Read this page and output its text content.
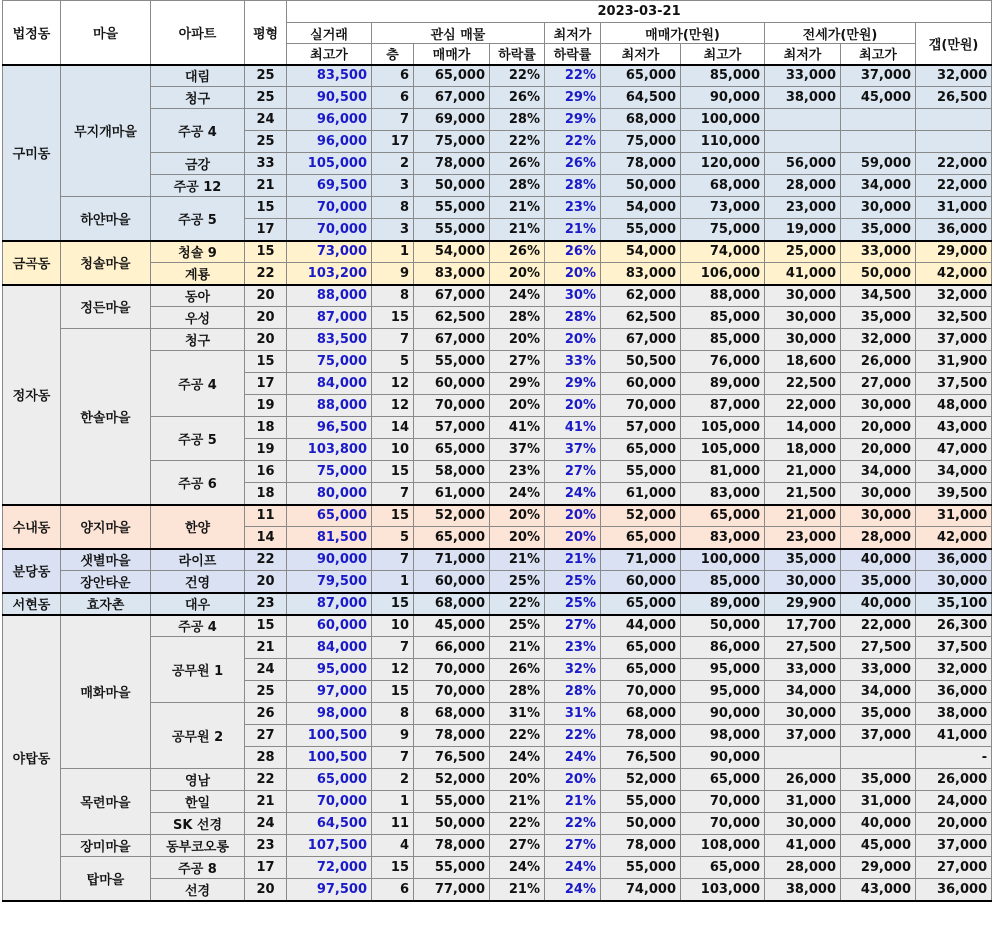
법정동	마을	아파트	평형	2023-03-21									
				실거래	관심 매물			최저가	매매가(만원)		전세가(만원)		갭(만원)
				최고가	층	매매가	하락률	하락률	최저가	최고가	최저가	최고가	
구미동	무지개마을	대림	25	83,500	6	65,000	22%	22%	65,000	85,000	33,000	37,000	32,000
		청구	25	90,500	6	67,000	26%	29%	64,500	90,000	38,000	45,000	26,500
		주공 4	24	96,000	7	69,000	28%	29%	68,000	100,000			
			25	96,000	17	75,000	22%	22%	75,000	110,000			
		금강	33	105,000	2	78,000	26%	26%	78,000	120,000	56,000	59,000	22,000
		주공 12	21	69,500	3	50,000	28%	28%	50,000	68,000	28,000	34,000	22,000
	하얀마을	주공 5	15	70,000	8	55,000	21%	23%	54,000	73,000	23,000	30,000	31,000
			17	70,000	3	55,000	21%	21%	55,000	75,000	19,000	35,000	36,000
금곡동	청솔마을	청솔 9	15	73,000	1	54,000	26%	26%	54,000	74,000	25,000	33,000	29,000
		계룡	22	103,200	9	83,000	20%	20%	83,000	106,000	41,000	50,000	42,000
정자동	정든마을	동아	20	88,000	8	67,000	24%	30%	62,000	88,000	30,000	34,500	32,000
		우성	20	87,000	15	62,500	28%	28%	62,500	85,000	30,000	35,000	32,500
	한솔마을	청구	20	83,500	7	67,000	20%	20%	67,000	85,000	30,000	32,000	37,000
		주공 4	15	75,000	5	55,000	27%	33%	50,500	76,000	18,600	26,000	31,900
			17	84,000	12	60,000	29%	29%	60,000	89,000	22,500	27,000	37,500
			19	88,000	12	70,000	20%	20%	70,000	87,000	22,000	30,000	48,000
		주공 5	18	96,500	14	57,000	41%	41%	57,000	105,000	14,000	20,000	43,000
			19	103,800	10	65,000	37%	37%	65,000	105,000	18,000	20,000	47,000
		주공 6	16	75,000	15	58,000	23%	27%	55,000	81,000	21,000	34,000	34,000
			18	80,000	7	61,000	24%	24%	61,000	83,000	21,500	30,000	39,500
수내동	양지마을	한양	11	65,000	15	52,000	20%	20%	52,000	65,000	21,000	30,000	31,000
			14	81,500	5	65,000	20%	20%	65,000	83,000	23,000	28,000	42,000
분당동	샛별마을	라이프	22	90,000	7	71,000	21%	21%	71,000	100,000	35,000	40,000	36,000
	장안타운	건영	20	79,500	1	60,000	25%	25%	60,000	85,000	30,000	35,000	30,000
서현동	효자촌	대우	23	87,000	15	68,000	22%	25%	65,000	89,000	29,900	40,000	35,100
야탑동	매화마을	주공 4	15	60,000	10	45,000	25%	27%	44,000	50,000	17,700	22,000	26,300
		공무원 1	21	84,000	7	66,000	21%	23%	65,000	86,000	27,500	27,500	37,500
			24	95,000	12	70,000	26%	32%	65,000	95,000	33,000	33,000	32,000
			25	97,000	15	70,000	28%	28%	70,000	95,000	34,000	34,000	36,000
		공무원 2	26	98,000	8	68,000	31%	31%	68,000	90,000	30,000	35,000	38,000
			27	100,500	9	78,000	22%	22%	78,000	98,000	37,000	37,000	41,000
			28	100,500	7	76,500	24%	24%	76,500	90,000			-
	목련마을	영남	22	65,000	2	52,000	20%	20%	52,000	65,000	26,000	35,000	26,000
		한일	21	70,000	1	55,000	21%	21%	55,000	70,000	31,000	31,000	24,000
		SK 선경	24	64,500	11	50,000	22%	22%	50,000	70,000	30,000	40,000	20,000
	장미마을	동부코오롱	23	107,500	4	78,000	27%	27%	78,000	108,000	41,000	45,000	37,000
	탑마을	주공 8	17	72,000	15	55,000	24%	24%	55,000	65,000	28,000	29,000	27,000
		선경	20	97,500	6	77,000	21%	24%	74,000	103,000	38,000	43,000	36,000
